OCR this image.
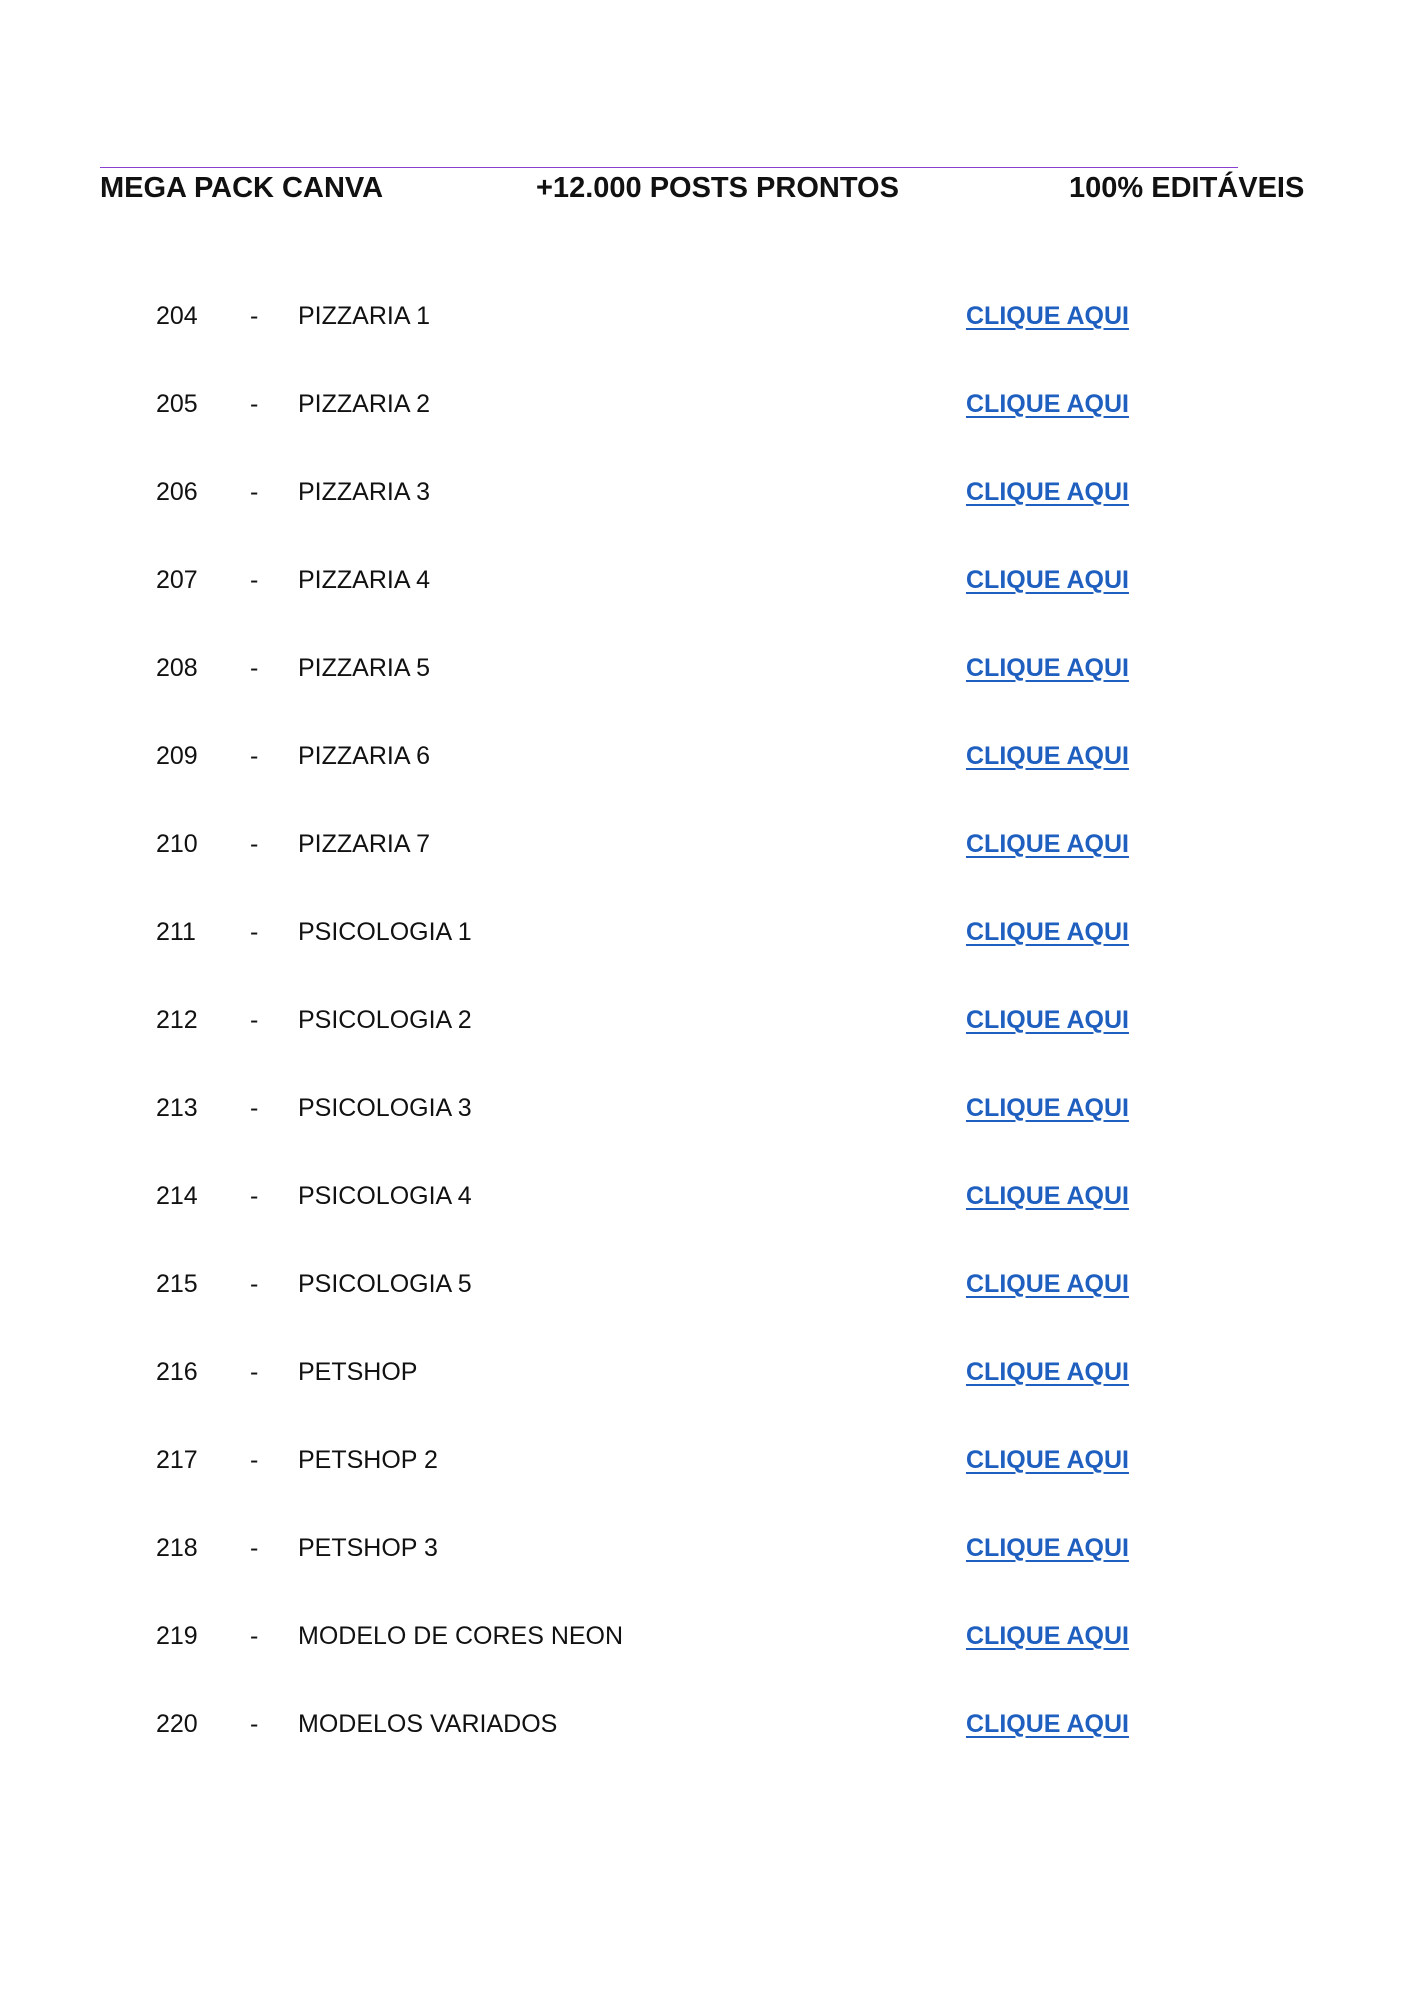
MEGA PACK CANVA	+12.000 POSTS PRONTOS	100% EDITÁVEIS
204 - PIZZARIA 1	CLIQUE AQUI
205 - PIZZARIA 2	CLIQUE AQUI
206 - PIZZARIA 3	CLIQUE AQUI
207 - PIZZARIA 4	CLIQUE AQUI
208 - PIZZARIA 5	CLIQUE AQUI
209 - PIZZARIA 6	CLIQUE AQUI
210 - PIZZARIA 7	CLIQUE AQUI
211 - PSICOLOGIA 1	CLIQUE AQUI
212 - PSICOLOGIA 2	CLIQUE AQUI
213 - PSICOLOGIA 3	CLIQUE AQUI
214 - PSICOLOGIA 4	CLIQUE AQUI
215 - PSICOLOGIA 5	CLIQUE AQUI
216 - PETSHOP	CLIQUE AQUI
217 - PETSHOP 2	CLIQUE AQUI
218 - PETSHOP 3	CLIQUE AQUI
219 - MODELO DE CORES NEON	CLIQUE AQUI
220 - MODELOS VARIADOS	CLIQUE AQUI
